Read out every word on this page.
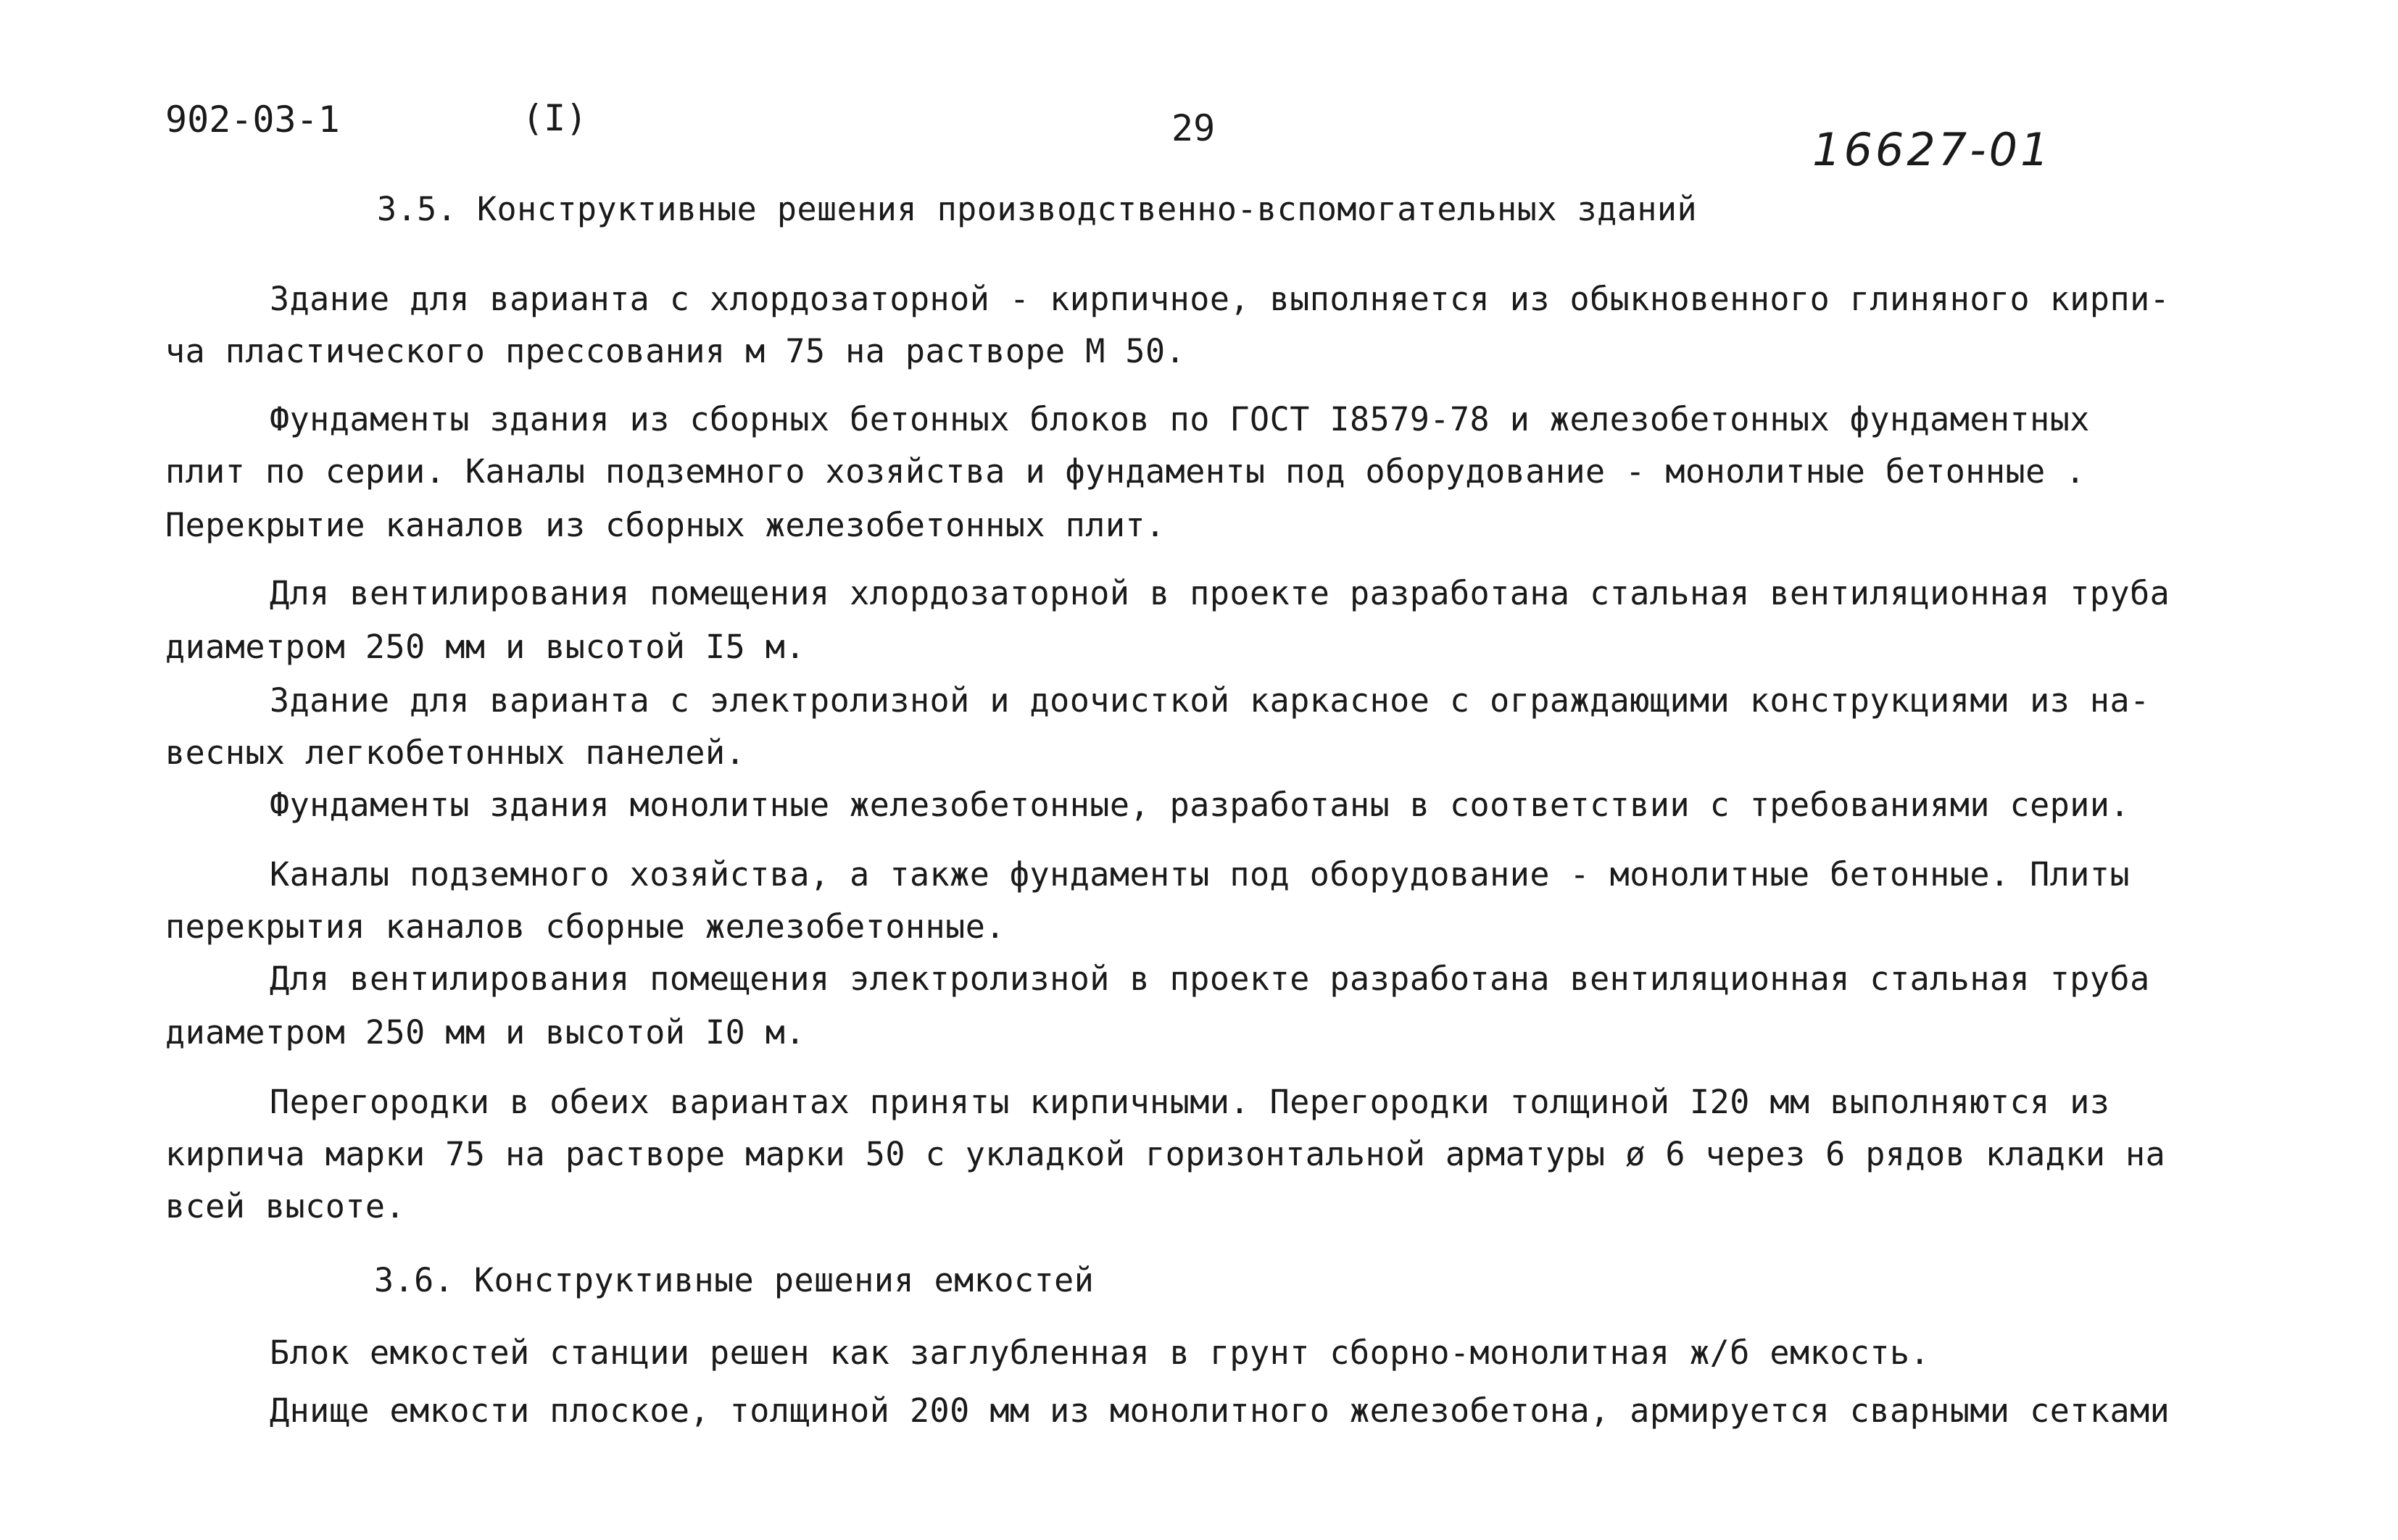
902-03-1	(I)	29	16627-01
3.5. Конструктивные решения производственно-вспомогательных зданий
Здание для варианта с хлордозаторной - кирпичное, выполняется из обыкновенного глиняного кирпи-
ча пластического прессования м 75 на растворе М 50.
Фундаменты здания из сборных бетонных блоков по ГОСТ I8579-78 и железобетонных фундаментных
плит по серии. Каналы подземного хозяйства и фундаменты под оборудование - монолитные бетонные .
Перекрытие каналов из сборных железобетонных плит.
Для вентилирования помещения хлордозаторной в проекте разработана стальная вентиляционная труба
диаметром 250 мм и высотой I5 м.
Здание для варианта с электролизной и доочисткой каркасное с ограждающими конструкциями из на-
весных легкобетонных панелей.
Фундаменты здания монолитные железобетонные, разработаны в соответствии с требованиями серии.
Каналы подземного хозяйства, а также фундаменты под оборудование - монолитные бетонные. Плиты
перекрытия каналов сборные железобетонные.
Для вентилирования помещения электролизной в проекте разработана вентиляционная стальная труба
диаметром 250 мм и высотой I0 м.
Перегородки в обеих вариантах приняты кирпичными. Перегородки толщиной I20 мм выполняются из
кирпича марки 75 на растворе марки 50 с укладкой горизонтальной арматуры ø 6 через 6 рядов кладки на
всей высоте.
3.6. Конструктивные решения емкостей
Блок емкостей станции решен как заглубленная в грунт сборно-монолитная ж/б емкость.
Днище емкости плоское, толщиной 200 мм из монолитного железобетона, армируется сварными сетками
